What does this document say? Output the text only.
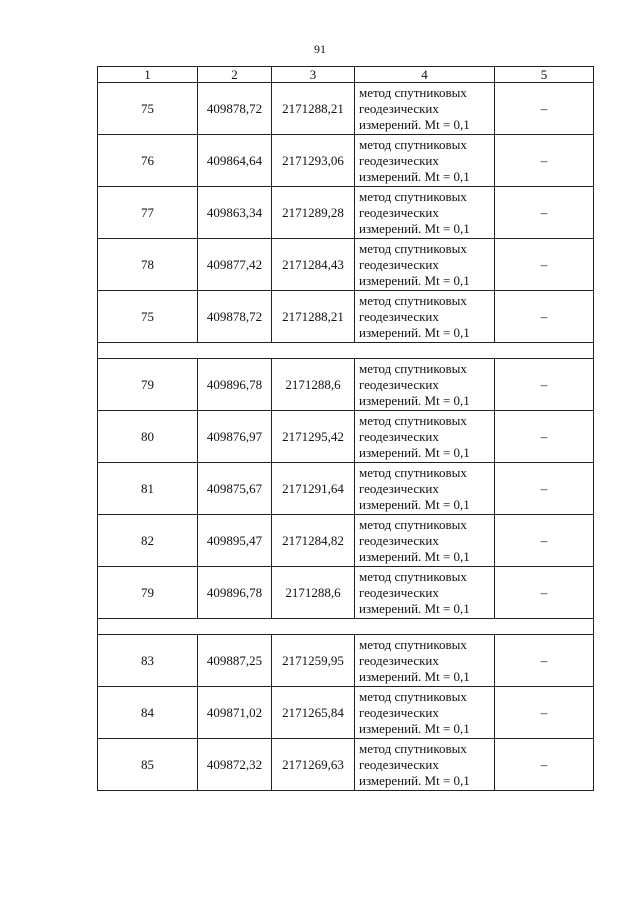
91
1	2	3	4	5
75	409878,72	2171288,21	метод спутниковых
геодезических
измерений. Mt = 0,1	–
76	409864,64	2171293,06	метод спутниковых
геодезических
измерений. Mt = 0,1	–
77	409863,34	2171289,28	метод спутниковых
геодезических
измерений. Mt = 0,1	–
78	409877,42	2171284,43	метод спутниковых
геодезических
измерений. Mt = 0,1	–
75	409878,72	2171288,21	метод спутниковых
геодезических
измерений. Mt = 0,1	–

79	409896,78	2171288,6	метод спутниковых
геодезических
измерений. Mt = 0,1	–
80	409876,97	2171295,42	метод спутниковых
геодезических
измерений. Mt = 0,1	–
81	409875,67	2171291,64	метод спутниковых
геодезических
измерений. Mt = 0,1	–
82	409895,47	2171284,82	метод спутниковых
геодезических
измерений. Mt = 0,1	–
79	409896,78	2171288,6	метод спутниковых
геодезических
измерений. Mt = 0,1	–

83	409887,25	2171259,95	метод спутниковых
геодезических
измерений. Mt = 0,1	–
84	409871,02	2171265,84	метод спутниковых
геодезических
измерений. Mt = 0,1	–
85	409872,32	2171269,63	метод спутниковых
геодезических
измерений. Mt = 0,1	–
